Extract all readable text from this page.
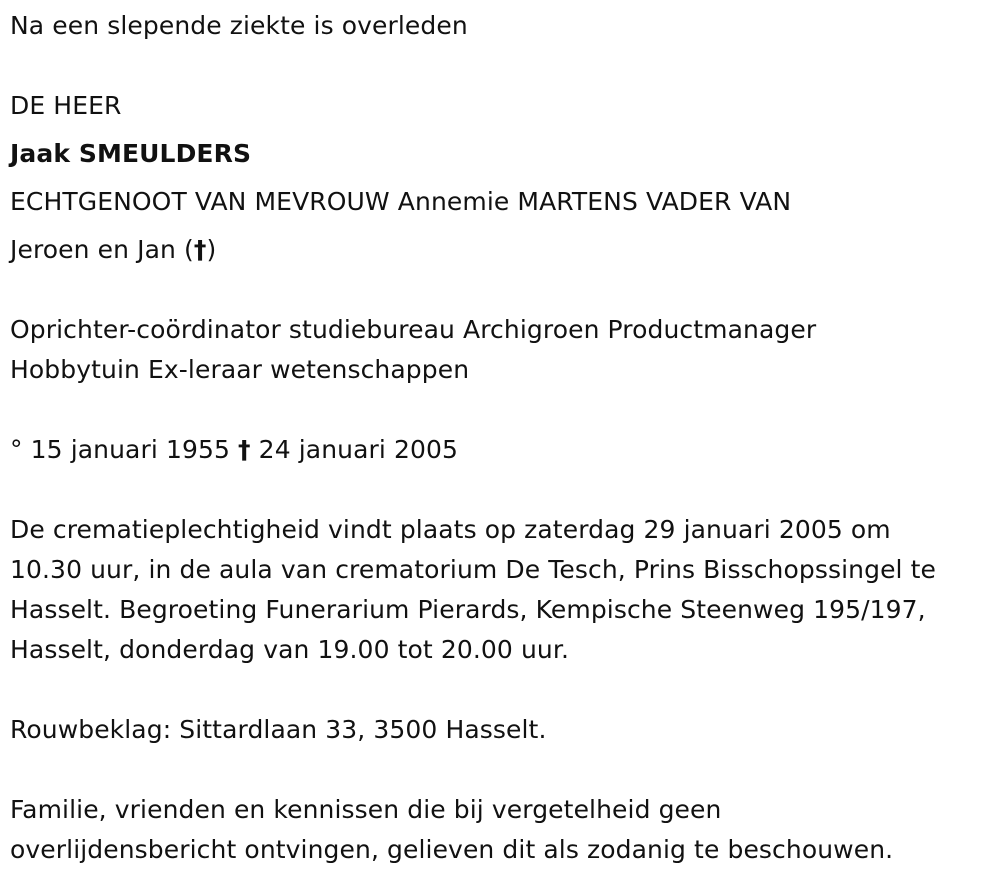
Na een slepende ziekte is overleden
DE HEER
Jaak SMEULDERS
ECHTGENOOT VAN MEVROUW Annemie MARTENS VADER VAN
Jeroen en Jan (†)
Oprichter-coördinator studiebureau Archigroen Productmanager
Hobbytuin Ex-leraar wetenschappen
° 15 januari 1955 † 24 januari 2005
De crematieplechtigheid vindt plaats op zaterdag 29 januari 2005 om
10.30 uur, in de aula van crematorium De Tesch, Prins Bisschopssingel te
Hasselt. Begroeting Funerarium Pierards, Kempische Steenweg 195/197,
Hasselt, donderdag van 19.00 tot 20.00 uur.
Rouwbeklag: Sittardlaan 33, 3500 Hasselt.
Familie, vrienden en kennissen die bij vergetelheid geen
overlijdensbericht ontvingen, gelieven dit als zodanig te beschouwen.
